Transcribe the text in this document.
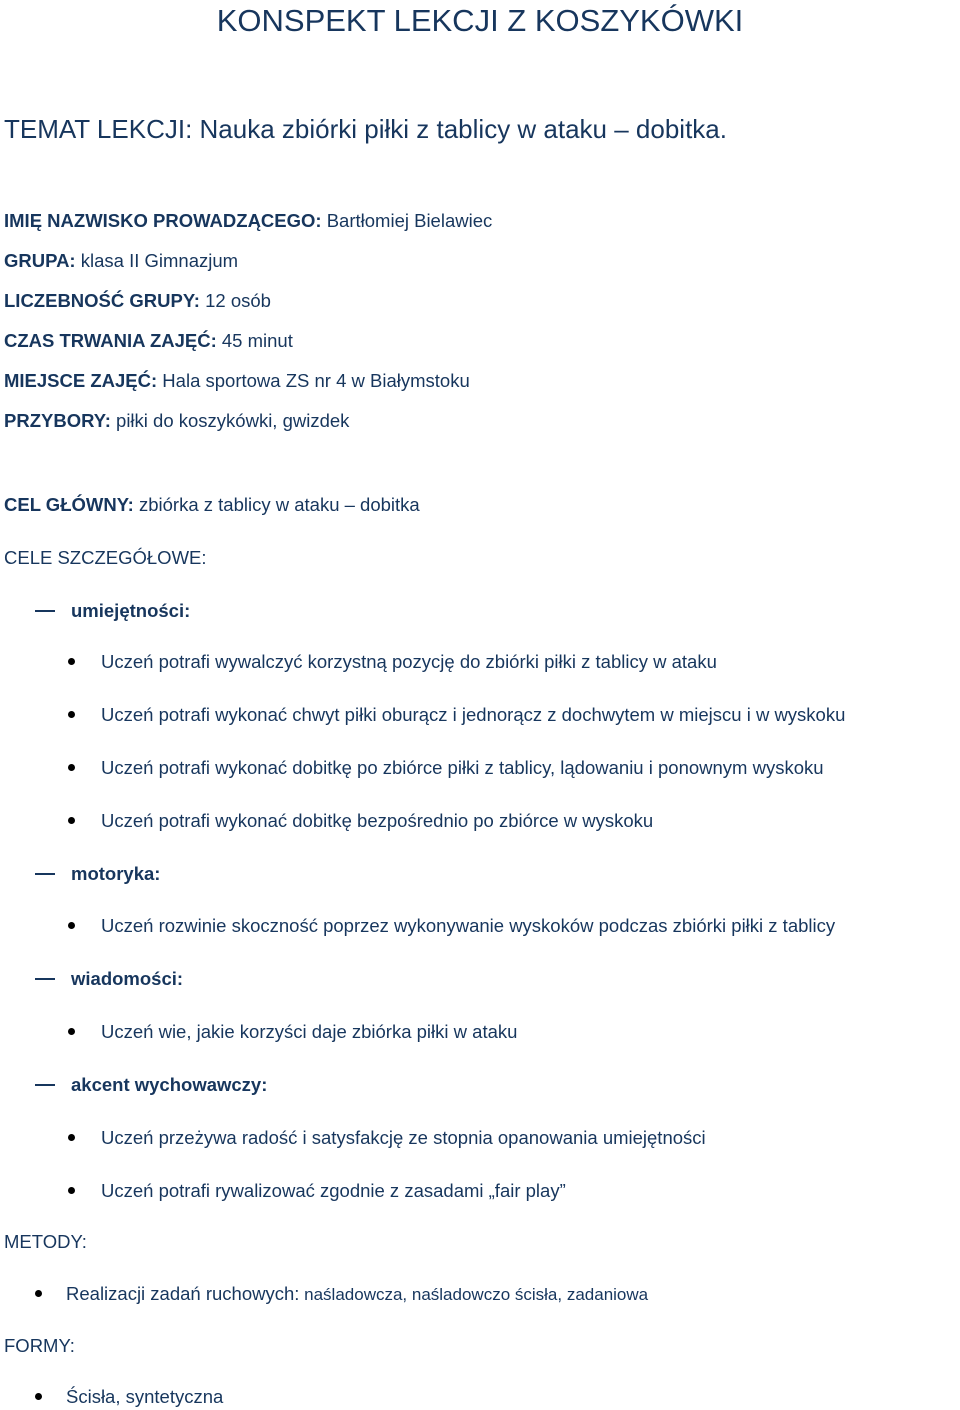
KONSPEKT LEKCJI Z KOSZYKÓWKI
TEMAT LEKCJI: Nauka zbiórki piłki z tablicy w ataku – dobitka.
IMIĘ NAZWISKO PROWADZĄCEGO: Bartłomiej Bielawiec
GRUPA: klasa II Gimnazjum
LICZEBNOŚĆ GRUPY: 12 osób
CZAS TRWANIA ZAJĘĆ: 45 minut
MIEJSCE ZAJĘĆ: Hala sportowa ZS nr 4 w Białymstoku
PRZYBORY: piłki do koszykówki, gwizdek
CEL GŁÓWNY: zbiórka z tablicy w ataku – dobitka
CELE SZCZEGÓŁOWE:
umiejętności:
Uczeń potrafi wywalczyć korzystną pozycję do zbiórki piłki z tablicy w ataku
Uczeń potrafi wykonać chwyt piłki oburącz i jednorącz z dochwytem w miejscu i w wyskoku
Uczeń potrafi wykonać dobitkę po zbiórce piłki z tablicy, lądowaniu i ponownym wyskoku
Uczeń potrafi wykonać dobitkę bezpośrednio po zbiórce w wyskoku
motoryka:
Uczeń rozwinie skoczność poprzez wykonywanie wyskoków podczas zbiórki piłki z tablicy
wiadomości:
Uczeń wie, jakie korzyści daje zbiórka piłki w ataku
akcent wychowawczy:
Uczeń przeżywa radość i satysfakcję ze stopnia opanowania umiejętności
Uczeń potrafi rywalizować zgodnie z zasadami „fair play”
METODY:
Realizacji zadań ruchowych: naśladowcza, naśladowczo ścisła, zadaniowa
FORMY:
Ścisła, syntetyczna
